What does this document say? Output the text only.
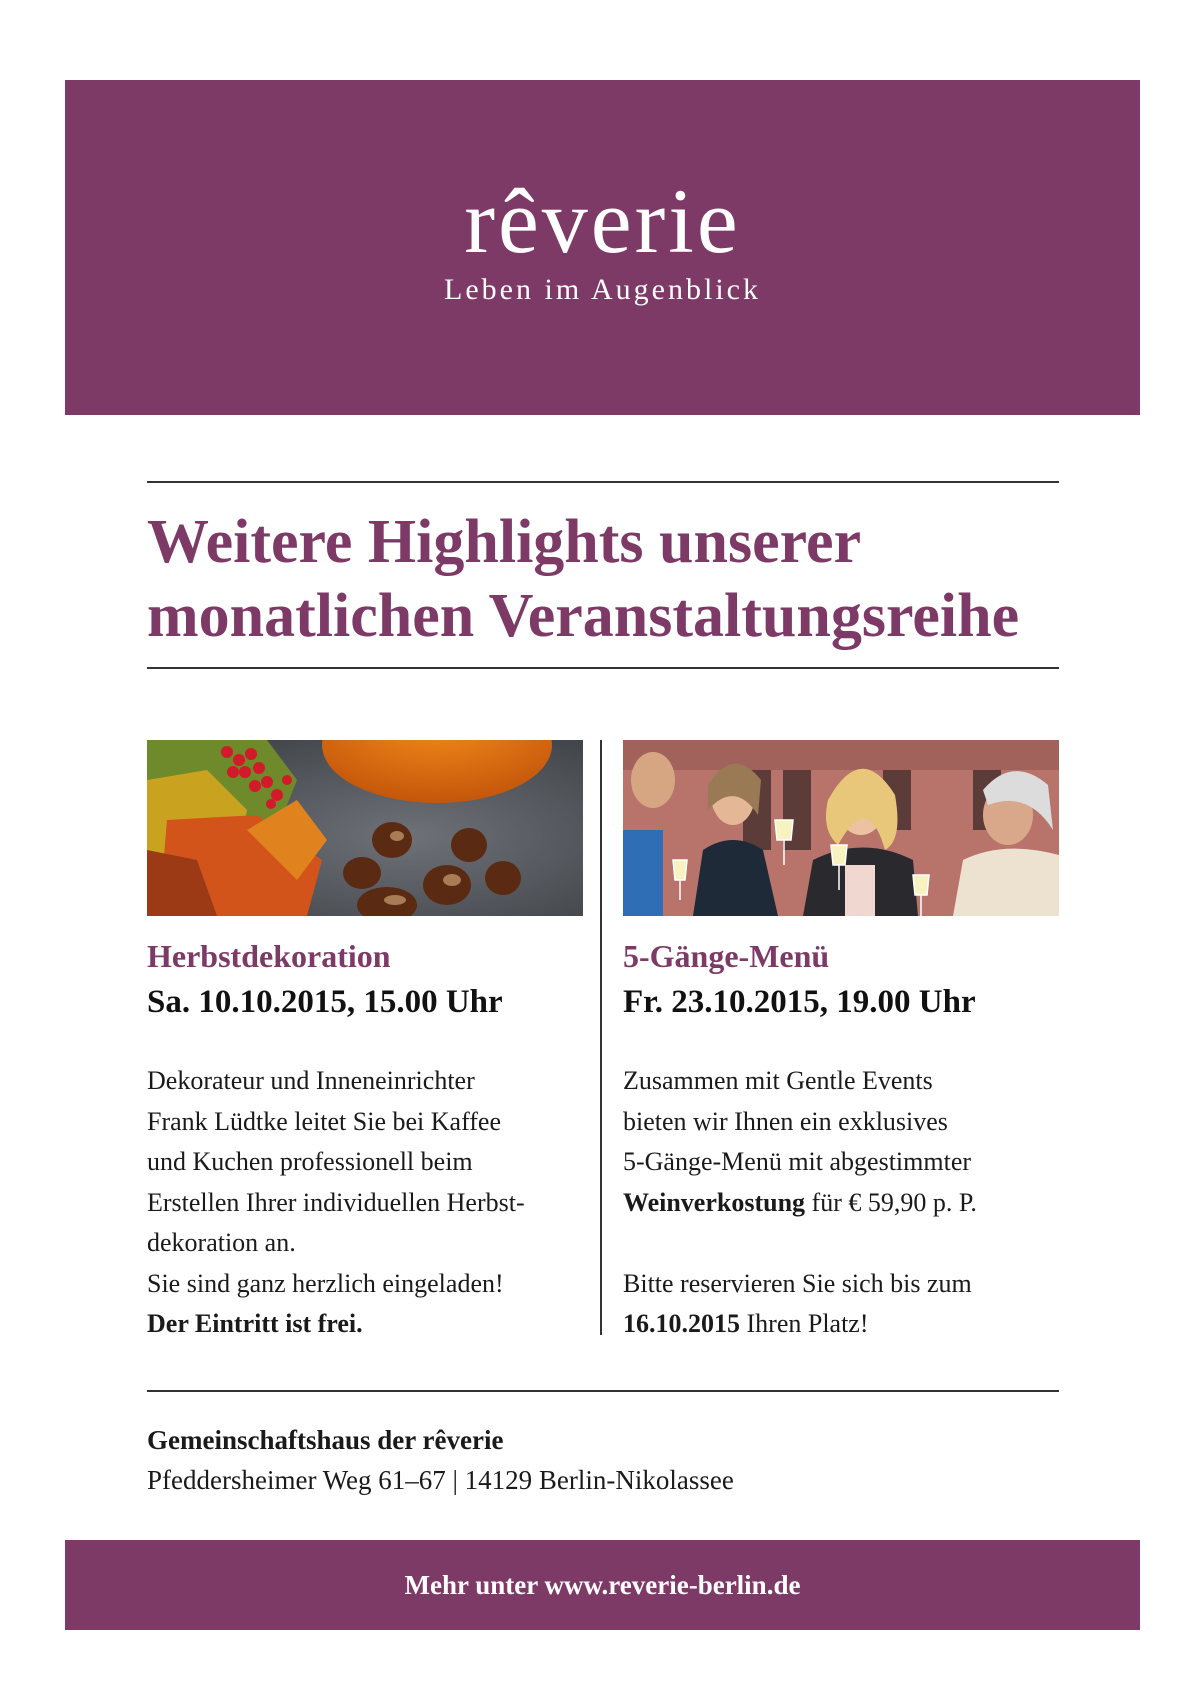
rêverie
Leben im Augenblick
Weitere Highlights unserer
monatlichen Veranstaltungsreihe
Herbstdekoration
Sa. 10.10.2015, 15.00 Uhr

Dekorateur und Inneneinrichter

Frank Lüdtke leitet Sie bei Kaffee

und Kuchen professionell beim

Erstellen Ihrer individuellen Herbst-

dekoration an.

Sie sind ganz herzlich eingeladen!

Der Eintritt ist frei.

5-Gänge-Menü
Fr. 23.10.2015, 19.00 Uhr

Zusammen mit Gentle Events

bieten wir Ihnen ein exklusives

5-Gänge-Menü mit abgestimmter

Weinverkostung für € 59,90 p. P.

Bitte reservieren Sie sich bis zum

16.10.2015 Ihren Platz!

Gemeinschaftshaus der rêverie
Pfeddersheimer Weg 61–67 | 14129 Berlin-Nikolassee
Mehr unter www.reverie-berlin.de
